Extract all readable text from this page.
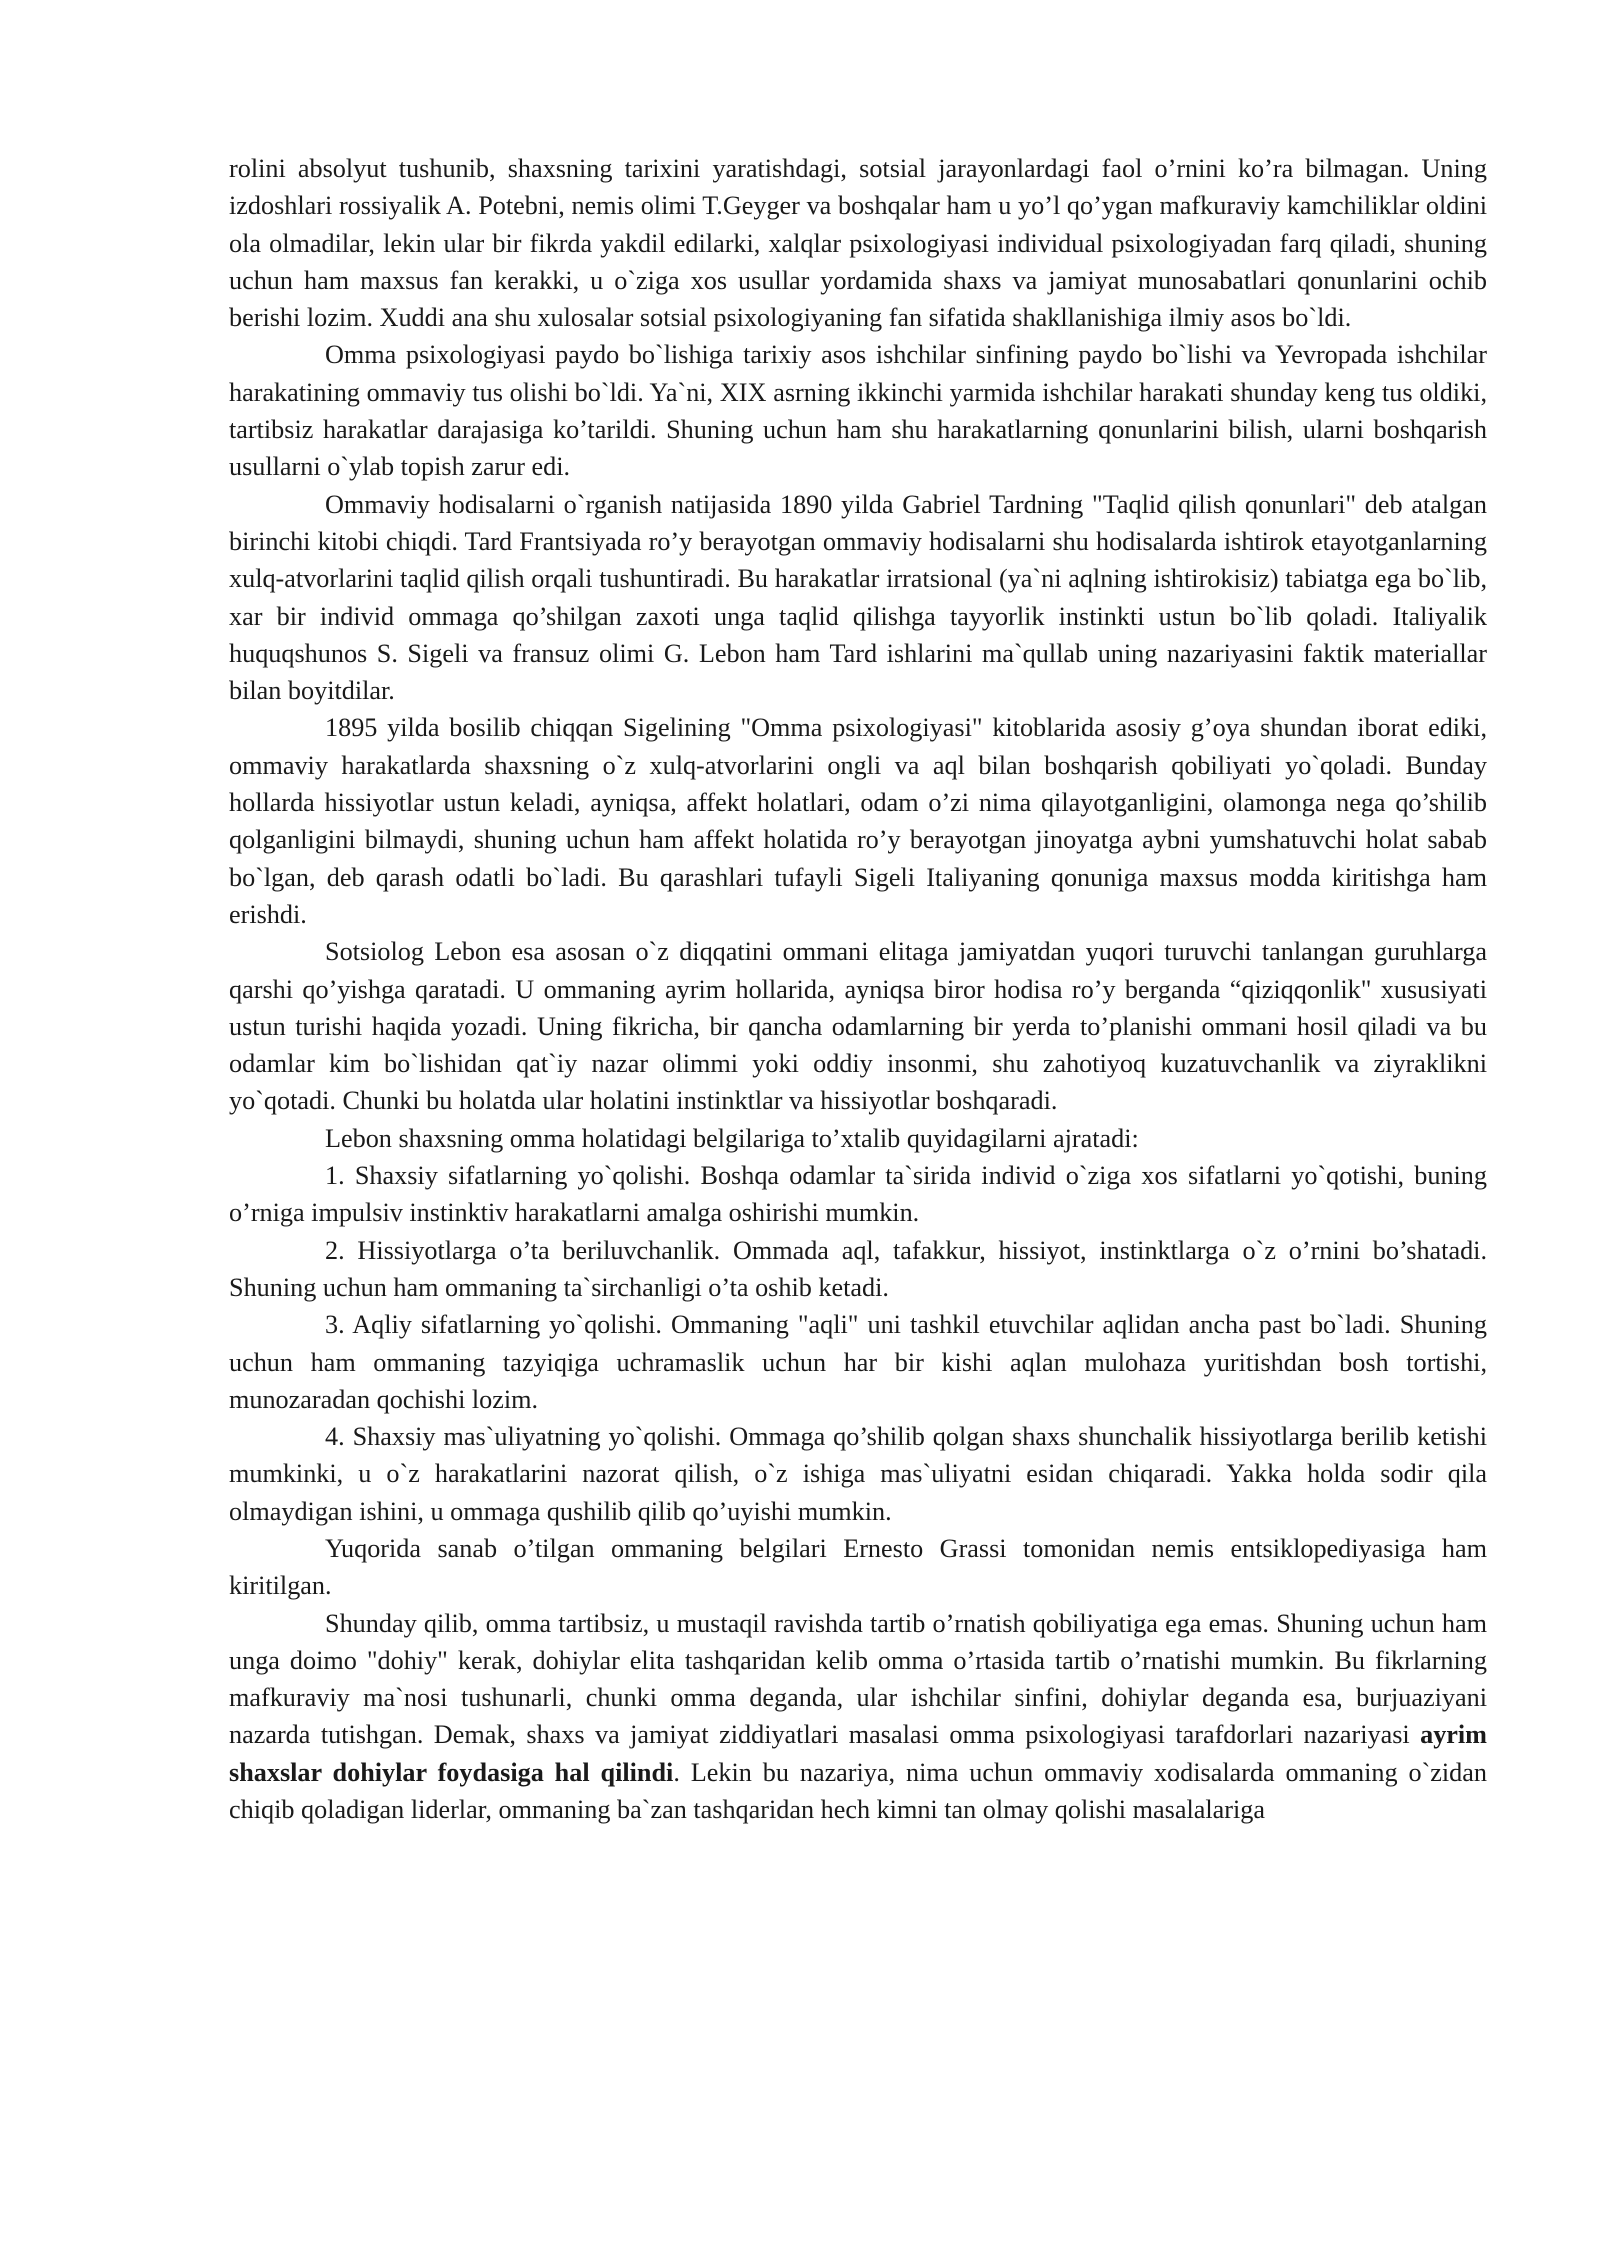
rolini absolyut tushunib, shaxsning tarixini yaratishdagi, sotsial jarayonlardagi faol o’rnini ko’ra bilmagan. Uning izdoshlari rossiyalik A. Potebni, nemis olimi T.Geyger va boshqalar ham u yo’l qo’ygan mafkuraviy kamchiliklar oldini ola olmadilar, lekin ular bir fikrda yakdil edilarki, xalqlar psixologiyasi individual psixologiyadan farq qiladi, shuning uchun ham maxsus fan kerakki, u o`ziga xos usullar yordamida shaxs va jamiyat munosabatlari qonunlarini ochib berishi lozim. Xuddi ana shu xulosalar sotsial psixologiyaning fan sifatida shakllanishiga ilmiy asos bo`ldi.

Omma psixologiyasi paydo bo`lishiga tarixiy asos ishchilar sinfining paydo bo`lishi va Yevropada ishchilar harakatining ommaviy tus olishi bo`ldi. Ya`ni, XIX asrning ikkinchi yarmida ishchilar harakati shunday keng tus oldiki, tartibsiz harakatlar darajasiga ko’tarildi. Shuning uchun ham shu harakatlarning qonunlarini bilish, ularni boshqarish usullarni o`ylab topish zarur edi.

Ommaviy hodisalarni o`rganish natijasida 1890 yilda Gabriel Tardning "Taqlid qilish qonunlari" deb atalgan birinchi kitobi chiqdi. Tard Frantsiyada ro’y berayotgan ommaviy hodisalarni shu hodisalarda ishtirok etayotganlarning xulq-atvorlarini taqlid qilish orqali tushuntiradi. Bu harakatlar irratsional (ya`ni aqlning ishtirokisiz) tabiatga ega bo`lib, xar bir individ ommaga qo’shilgan zaxoti unga taqlid qilishga tayyorlik instinkti ustun bo`lib qoladi. Italiyalik huquqshunos S. Sigeli va fransuz olimi G. Lebon ham Tard ishlarini ma`qullab uning nazariyasini faktik materiallar bilan boyitdilar.

1895 yilda bosilib chiqqan Sigelining "Omma psixologiyasi" kitoblarida asosiy g’oya shundan iborat ediki, ommaviy harakatlarda shaxsning o`z xulq-atvorlarini ongli va aql bilan boshqarish qobiliyati yo`qoladi. Bunday hollarda hissiyotlar ustun keladi, ayniqsa, affekt holatlari, odam o’zi nima qilayotganligini, olamonga nega qo’shilib qolganligini bilmaydi, shuning uchun ham affekt holatida ro’y berayotgan jinoyatga aybni yumshatuvchi holat sabab bo`lgan, deb qarash odatli bo`ladi. Bu qarashlari tufayli Sigeli Italiyaning qonuniga maxsus modda kiritishga ham erishdi.

Sotsiolog Lebon esa asosan o`z diqqatini ommani elitaga jamiyatdan yuqori turuvchi tanlangan guruhlarga qarshi qo’yishga qaratadi. U ommaning ayrim hollarida, ayniqsa biror hodisa ro’y berganda “qiziqqonlik" xususiyati ustun turishi haqida yozadi. Uning fikricha, bir qancha odamlarning bir yerda to’planishi ommani hosil qiladi va bu odamlar kim bo`lishidan qat`iy nazar olimmi yoki oddiy insonmi, shu zahotiyoq kuzatuvchanlik va ziyraklikni yo`qotadi. Chunki bu holatda ular holatini instinktlar va hissiyotlar boshqaradi.

Lebon shaxsning omma holatidagi belgilariga to’xtalib quyidagilarni ajratadi:

1. Shaxsiy sifatlarning yo`qolishi. Boshqa odamlar ta`sirida individ o`ziga xos sifatlarni yo`qotishi, buning o’rniga impulsiv instinktiv harakatlarni amalga oshirishi mumkin.

2. Hissiyotlarga o’ta beriluvchanlik. Ommada aql, tafakkur, hissiyot, instinktlarga o`z o’rnini bo’shatadi. Shuning uchun ham ommaning ta`sirchanligi o’ta oshib ketadi.

3. Aqliy sifatlarning yo`qolishi. Ommaning "aqli" uni tashkil etuvchilar aqlidan ancha past bo`ladi. Shuning uchun ham ommaning tazyiqiga uchramaslik uchun har bir kishi aqlan mulohaza yuritishdan bosh tortishi, munozaradan qochishi lozim.

4. Shaxsiy mas`uliyatning yo`qolishi. Ommaga qo’shilib qolgan shaxs shunchalik hissiyotlarga berilib ketishi mumkinki, u o`z harakatlarini nazorat qilish, o`z ishiga mas`uliyatni esidan chiqaradi. Yakka holda sodir qila olmaydigan ishini, u ommaga qushilib qilib qo’uyishi mumkin.

Yuqorida sanab o’tilgan ommaning belgilari Ernesto Grassi tomonidan nemis entsiklopediyasiga ham kiritilgan.

Shunday qilib, omma tartibsiz, u mustaqil ravishda tartib o’rnatish qobiliyatiga ega emas. Shuning uchun ham unga doimo "dohiy" kerak, dohiylar elita tashqaridan kelib omma o’rtasida tartib o’rnatishi mumkin. Bu fikrlarning mafkuraviy ma`nosi tushunarli, chunki omma deganda, ular ishchilar sinfini, dohiylar deganda esa, burjuaziyani nazarda tutishgan. Demak, shaxs va jamiyat ziddiyatlari masalasi omma psixologiyasi tarafdorlari nazariyasi ayrim shaxslar dohiylar foydasiga hal qilindi. Lekin bu nazariya, nima uchun ommaviy xodisalarda ommaning o`zidan chiqib qoladigan liderlar, ommaning ba`zan tashqaridan hech kimni tan olmay qolishi masalalariga
